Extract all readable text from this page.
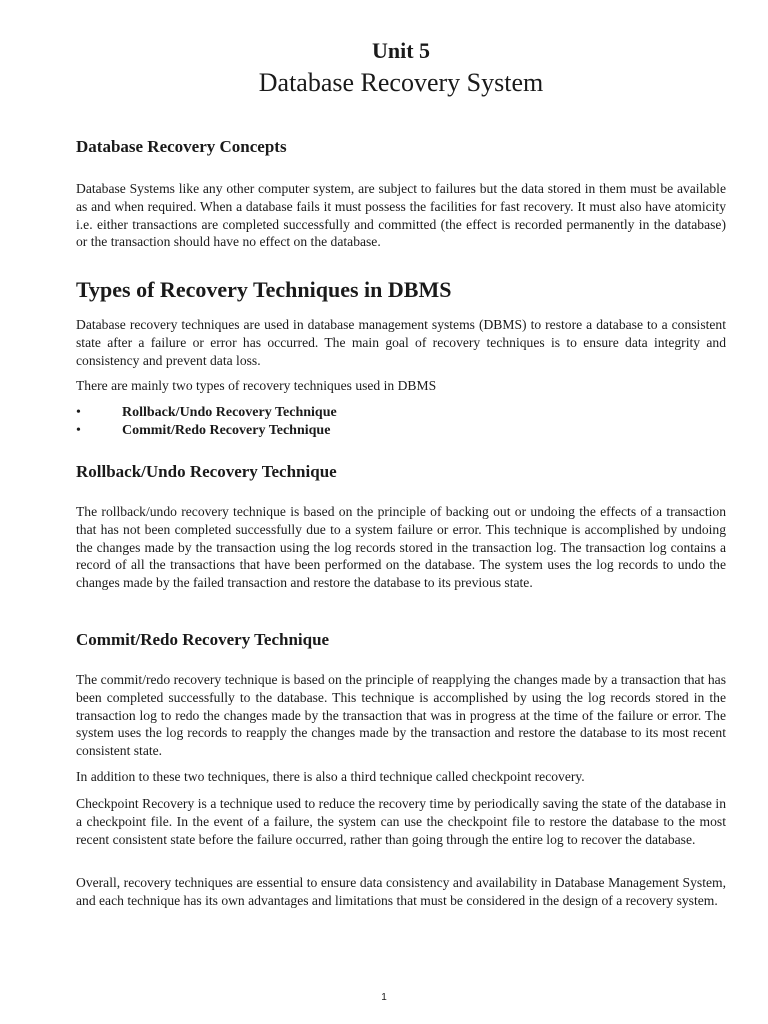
Unit 5
Database Recovery System
Database Recovery Concepts

Database Systems like any other computer system, are subject to failures but the data stored in them must be available as and when required. When a database fails it must possess the facilities for fast recovery. It must also have atomicity i.e. either transactions are completed successfully and committed (the effect is recorded permanently in the database) or the transaction should have no effect on the database.

Types of Recovery Techniques in DBMS

Database recovery techniques are used in database management systems (DBMS) to restore a database to a consistent state after a failure or error has occurred. The main goal of recovery techniques is to ensure data integrity and consistency and prevent data loss.

There are mainly two types of recovery techniques used in DBMS

•	Rollback/Undo Recovery Technique
•	Commit/Redo Recovery Technique
Rollback/Undo Recovery Technique

The rollback/undo recovery technique is based on the principle of backing out or undoing the effects of a transaction that has not been completed successfully due to a system failure or error. This technique is accomplished by undoing the changes made by the transaction using the log records stored in the transaction log. The transaction log contains a record of all the transactions that have been performed on the database. The system uses the log records to undo the changes made by the failed transaction and restore the database to its previous state.

Commit/Redo Recovery Technique

The commit/redo recovery technique is based on the principle of reapplying the changes made by a transaction that has been completed successfully to the database. This technique is accomplished by using the log records stored in the transaction log to redo the changes made by the transaction that was in progress at the time of the failure or error. The system uses the log records to reapply the changes made by the transaction and restore the database to its most recent consistent state.

In addition to these two techniques, there is also a third technique called checkpoint recovery.

Checkpoint Recovery is a technique used to reduce the recovery time by periodically saving the state of the database in a checkpoint file. In the event of a failure, the system can use the checkpoint file to restore the database to the most recent consistent state before the failure occurred, rather than going through the entire log to recover the database.

Overall, recovery techniques are essential to ensure data consistency and availability in Database Management System, and each technique has its own advantages and limitations that must be considered in the design of a recovery system.

1
